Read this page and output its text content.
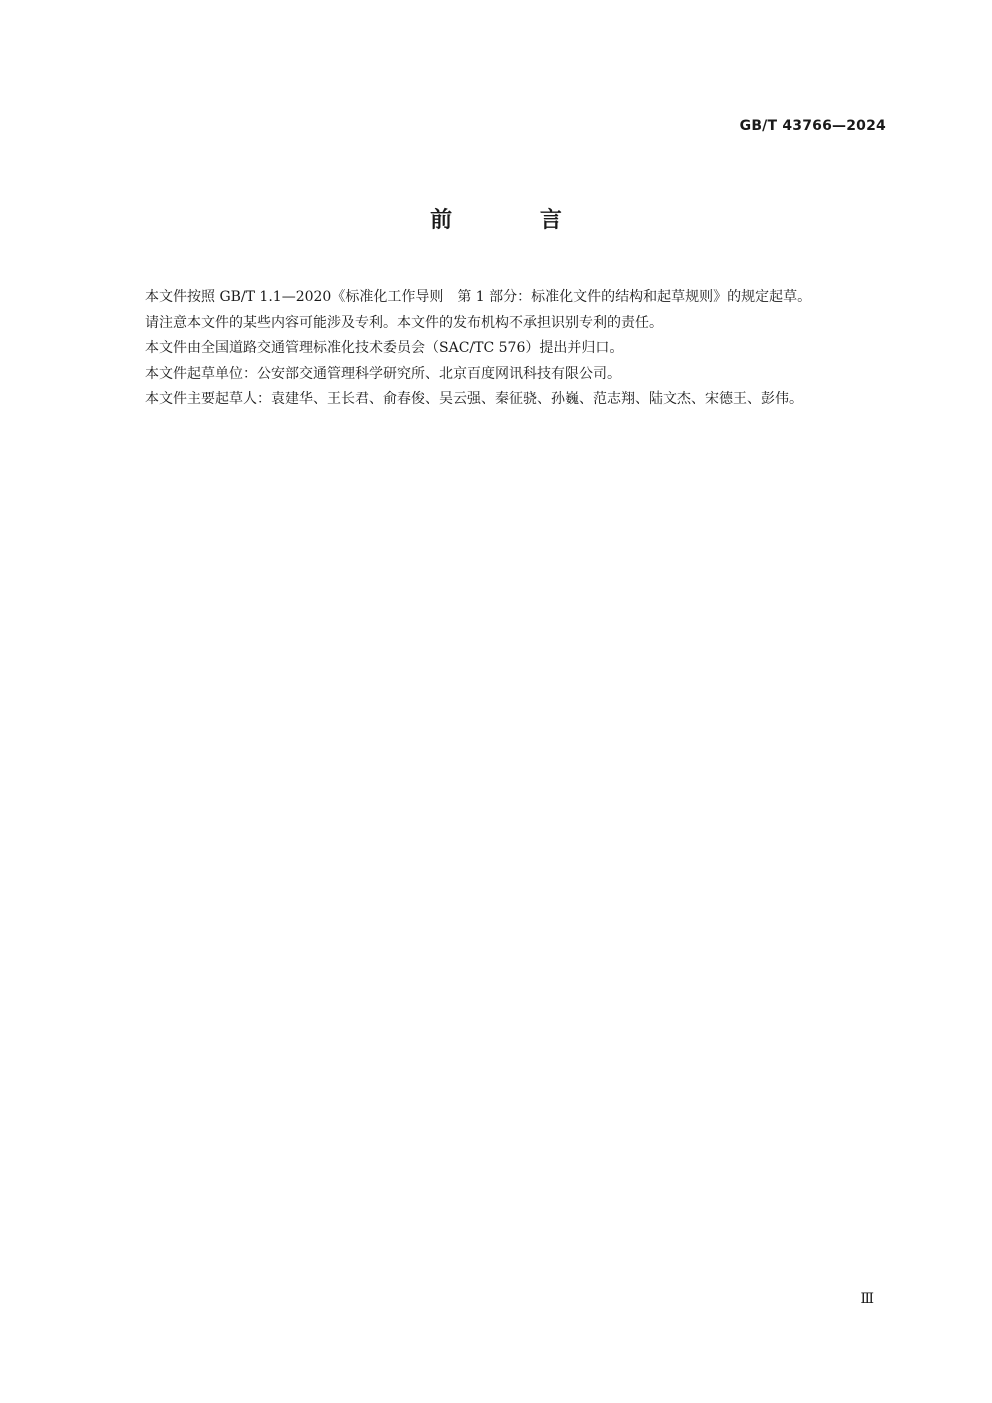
GB/T 43766—2024
前 言

本文件按照 GB/T 1.1—2020《标准化工作导则　第 1 部分：标准化文件的结构和起草规则》的规定起草。

请注意本文件的某些内容可能涉及专利。本文件的发布机构不承担识别专利的责任。

本文件由全国道路交通管理标准化技术委员会（SAC/TC 576）提出并归口。

本文件起草单位：公安部交通管理科学研究所、北京百度网讯科技有限公司。

本文件主要起草人：袁建华、王长君、俞春俊、吴云强、秦征骁、孙巍、范志翔、陆文杰、宋德王、彭伟。

Ⅲ
